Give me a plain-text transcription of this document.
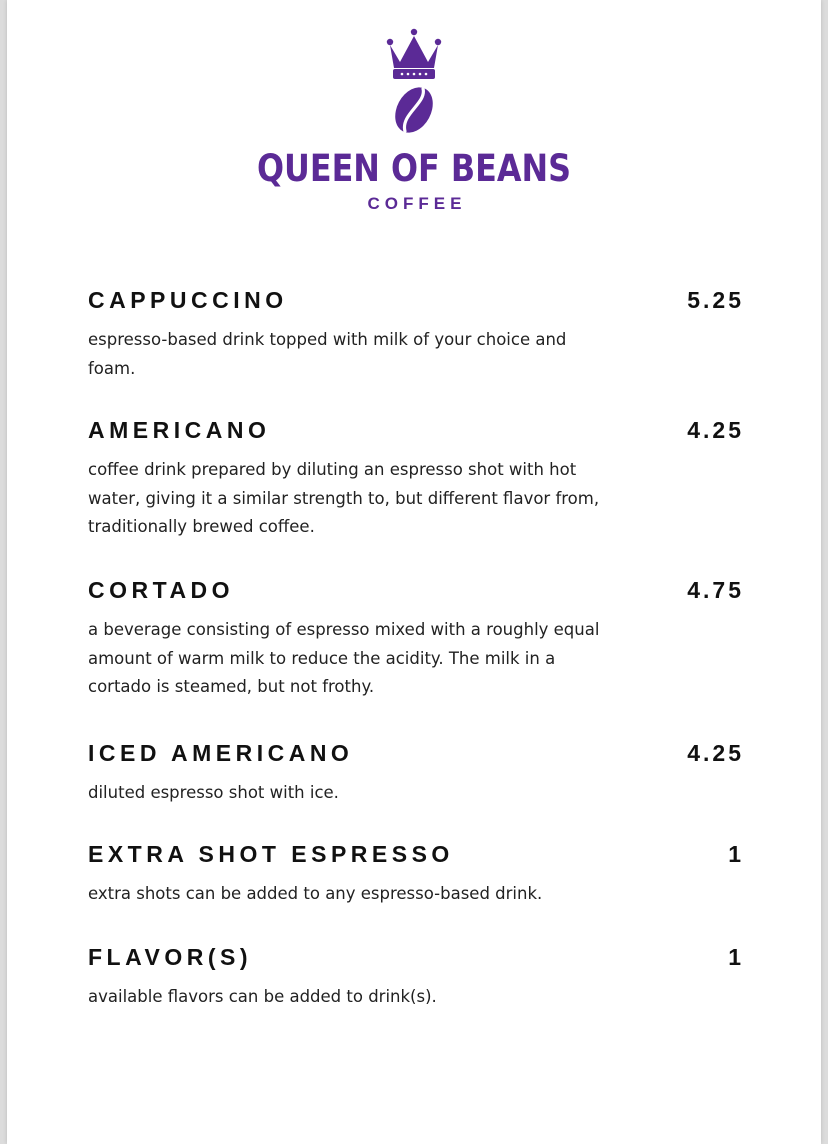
QUEEN OF BEANS
COFFEE
CAPPUCCINO	5.25
espresso-based drink topped with milk of your choice and foam.
AMERICANO	4.25
coffee drink prepared by diluting an espresso shot with hot water, giving it a similar strength to, but different flavor from, traditionally brewed coffee.
CORTADO	4.75
a beverage consisting of espresso mixed with a roughly equal amount of warm milk to reduce the acidity. The milk in a cortado is steamed, but not frothy.
ICED AMERICANO	4.25
diluted espresso shot with ice.
EXTRA SHOT ESPRESSO	1
extra shots can be added to any espresso-based drink.
FLAVOR(S)	1
available flavors can be added to drink(s).
